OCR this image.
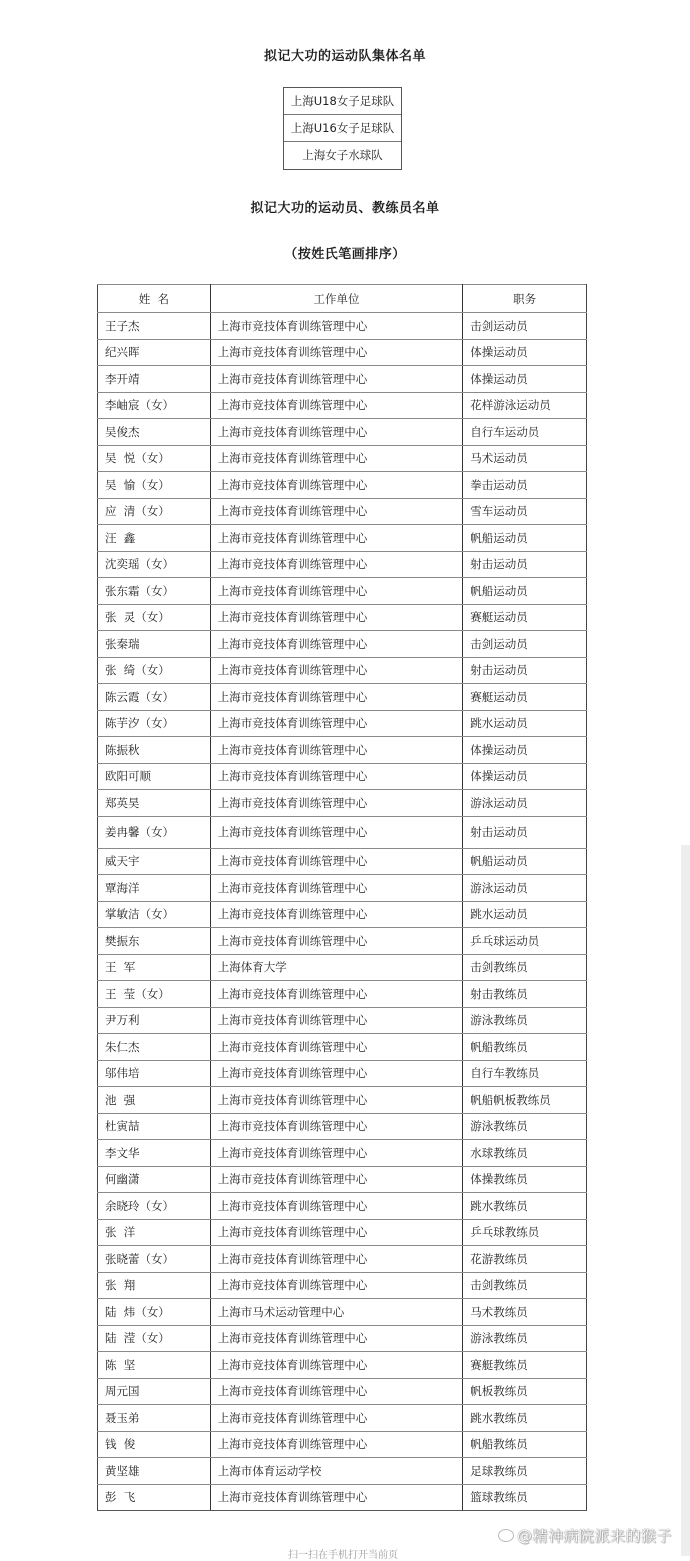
拟记大功的运动队集体名单
上海U18女子足球队
上海U16女子足球队
上海女子水球队
拟记大功的运动员、教练员名单
（按姓氏笔画排序）
姓  名	工作单位	职务
王子杰	上海市竞技体育训练管理中心	击剑运动员
纪兴晖	上海市竞技体育训练管理中心	体操运动员
李开靖	上海市竞技体育训练管理中心	体操运动员
李岫宸（女）	上海市竞技体育训练管理中心	花样游泳运动员
吴俊杰	上海市竞技体育训练管理中心	自行车运动员
吴  悦（女）	上海市竞技体育训练管理中心	马术运动员
吴  愉（女）	上海市竞技体育训练管理中心	拳击运动员
应  清（女）	上海市竞技体育训练管理中心	雪车运动员
汪  鑫	上海市竞技体育训练管理中心	帆船运动员
沈奕瑶（女）	上海市竞技体育训练管理中心	射击运动员
张东霜（女）	上海市竞技体育训练管理中心	帆船运动员
张  灵（女）	上海市竞技体育训练管理中心	赛艇运动员
张秦瑞	上海市竞技体育训练管理中心	击剑运动员
张  绮（女）	上海市竞技体育训练管理中心	射击运动员
陈云霞（女）	上海市竞技体育训练管理中心	赛艇运动员
陈芋汐（女）	上海市竞技体育训练管理中心	跳水运动员
陈振秋	上海市竞技体育训练管理中心	体操运动员
欧阳可顺	上海市竞技体育训练管理中心	体操运动员
郑英昊	上海市竞技体育训练管理中心	游泳运动员
姜冉馨（女）	上海市竞技体育训练管理中心	射击运动员
威天宇	上海市竞技体育训练管理中心	帆船运动员
覃海洋	上海市竞技体育训练管理中心	游泳运动员
掌敏洁（女）	上海市竞技体育训练管理中心	跳水运动员
樊振东	上海市竞技体育训练管理中心	乒乓球运动员
王  军	上海体育大学	击剑教练员
王  莹（女）	上海市竞技体育训练管理中心	射击教练员
尹万利	上海市竞技体育训练管理中心	游泳教练员
朱仁杰	上海市竞技体育训练管理中心	帆船教练员
邬伟培	上海市竞技体育训练管理中心	自行车教练员
池  强	上海市竞技体育训练管理中心	帆船帆板教练员
杜寅喆	上海市竞技体育训练管理中心	游泳教练员
李文华	上海市竞技体育训练管理中心	水球教练员
何幽潇	上海市竞技体育训练管理中心	体操教练员
余晓玲（女）	上海市竞技体育训练管理中心	跳水教练员
张  洋	上海市竞技体育训练管理中心	乒乓球教练员
张晓蕾（女）	上海市竞技体育训练管理中心	花游教练员
张  翔	上海市竞技体育训练管理中心	击剑教练员
陆  炜（女）	上海市马术运动管理中心	马术教练员
陆  滢（女）	上海市竞技体育训练管理中心	游泳教练员
陈  坚	上海市竞技体育训练管理中心	赛艇教练员
周元国	上海市竞技体育训练管理中心	帆板教练员
聂玉弟	上海市竞技体育训练管理中心	跳水教练员
钱  俊	上海市竞技体育训练管理中心	帆船教练员
黄坚雄	上海市体育运动学校	足球教练员
彭  飞	上海市竞技体育训练管理中心	篮球教练员
扫一扫在手机打开当前页
@精神病院派来的猴子
